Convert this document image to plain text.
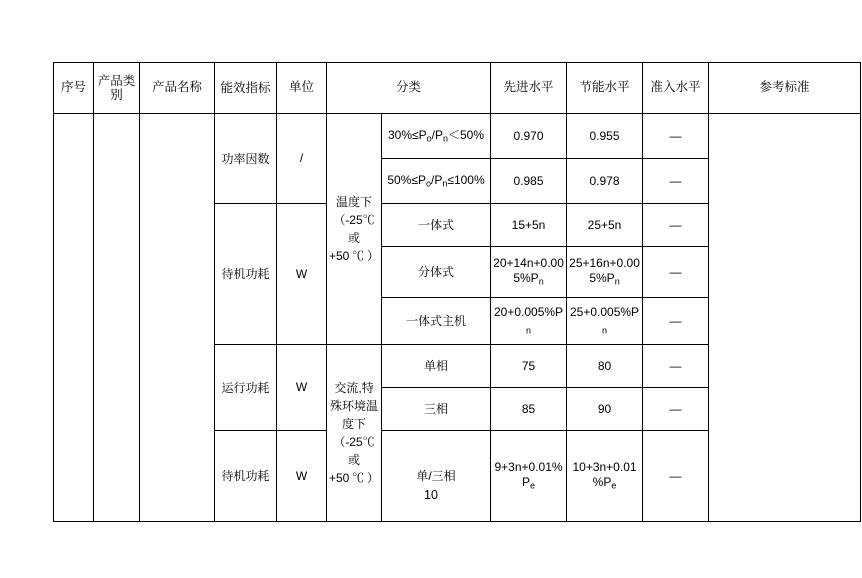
序号	产品类别	产品名称	能效指标	单位	分类		先进水平	节能水平	准入水平	参考标准
			功率因数	/	温度下（-25℃或+50℃）	$30\%\le P_o/P_n<50\%$	0.970	0.955	—	
						$50\%\le P_o/P_n\le 100\%$	0.985	0.978	—	
			待机功耗	W		一体式	15+5n	25+5n	—	
						分体式	$20+14n+0.005\%P_n$	$25+16n+0.005\%P_n$	—	
						一体式主机	$20+0.005\%P_n$	$25+0.005\%P_n$	—	
			运行功耗	W	交流,特殊环境温度下（-25℃或+50℃）	单相	75	80	—	
						三相	85	90	—	
			待机功耗	W		单/三相	$9+3n+0.01\%P_e$	$10+3n+0.01\%P_e$	—	
10
